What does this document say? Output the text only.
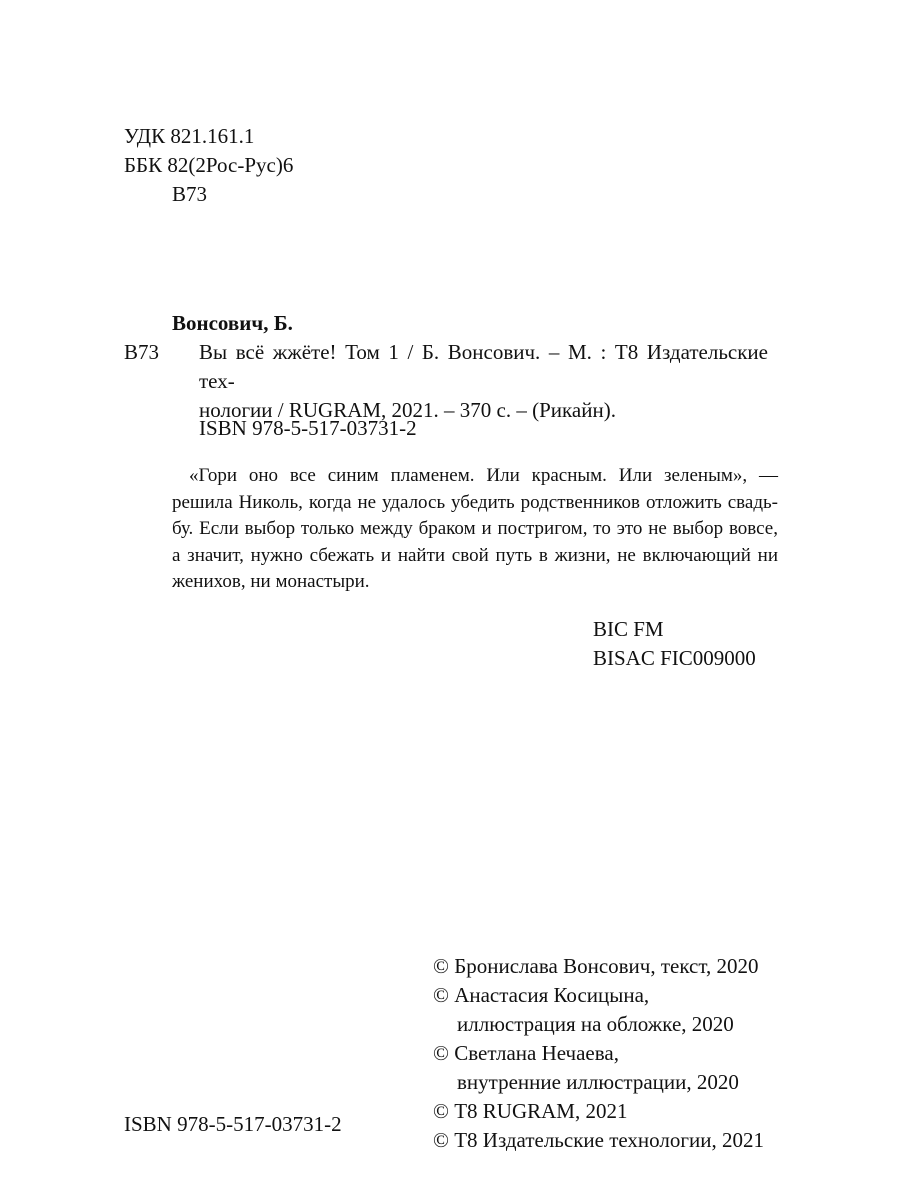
УДК 821.161.1
ББК 82(2Рос-Рус)6
В73
Вонсович, Б.
В73 Вы всё жжёте! Том 1 / Б. Вонсович. – М. : Т8 Издательские тех-
нологии / RUGRAM, 2021. – 370 с. – (Рикайн).
ISBN 978-5-517-03731-2
«Гори оно все синим пламенем. Или красным. Или зеленым», —
решила Николь, когда не удалось убедить родственников отложить свадь-
бу. Если выбор только между браком и постригом, то это не выбор вовсе,
а значит, нужно сбежать и найти свой путь в жизни, не включающий ни
женихов, ни монастыри.
BIC FM
BISAC FIC009000
© Бронислава Вонсович, текст, 2020
© Анастасия Косицына,
иллюстрация на обложке, 2020
© Светлана Нечаева,
внутренние иллюстрации, 2020
© Т8 RUGRAM, 2021
© Т8 Издательские технологии, 2021
ISBN 978-5-517-03731-2
